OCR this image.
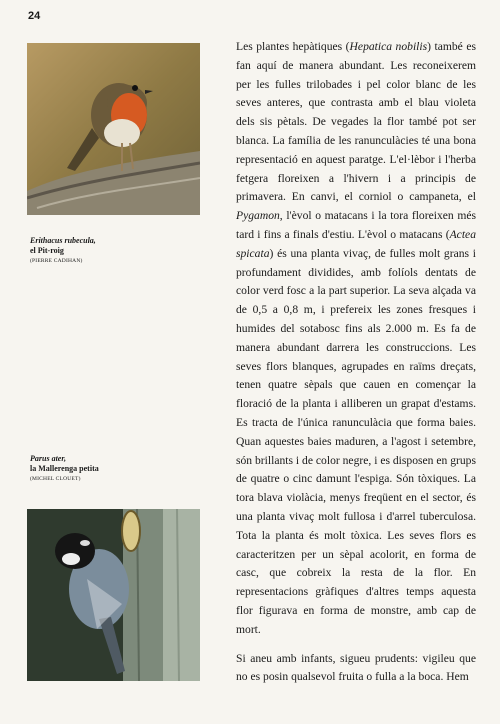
24
Erithacus rubecula,
el Pit-roig
(PIERRE CADIHAN)
Parus ater,
la Mallerenga petita
(MICHEL CLOUET)

Les plantes hepàtiques (Hepatica nobilis) també es fan aquí de manera abundant. Les reconeixerem per les fulles trilobades i pel color blanc de les seves anteres, que contrasta amb el blau violeta dels sis pètals. De vegades la flor també pot ser blanca. La família de les ranunculàcies té una bona representació en aquest paratge. L'el·lèbor i l'herba fetgera floreixen a l'hivern i a principis de primavera. En canvi, el corniol o campaneta, el Pygamon, l'èvol o matacans i la tora floreixen més tard i fins a finals d'estiu. L'èvol o matacans (Actea spicata) és una planta vivaç, de fulles molt grans i profundament dividides, amb folíols dentats de color verd fosc a la part superior. La seva alçada va de 0,5 a 0,8 m, i prefereix les zones fresques i humides del sotabosc fins als 2.000 m. Es fa de manera abundant darrera les construccions. Les seves flors blanques, agrupades en raïms dreçats, tenen quatre sèpals que cauen en començar la floració de la planta i alliberen un grapat d'estams. Es tracta de l'única ranunculàcia que forma baies. Quan aquestes baies maduren, a l'agost i setembre, són brillants i de color negre, i es disposen en grups de quatre o cinc damunt l'espiga. Són tòxiques. La tora blava violàcia, menys freqüent en el sector, és una planta vivaç molt fullosa i d'arrel tuberculosa. Tota la planta és molt tòxica. Les seves flors es caracteritzen per un sèpal acolorit, en forma de casc, que cobreix la resta de la flor. En representacions gràfiques d'altres temps aquesta flor figurava en forma de monstre, amb cap de mort.

Si aneu amb infants, sigueu prudents: vigileu que no es posin qualsevol fruita o fulla a la boca. Hem
